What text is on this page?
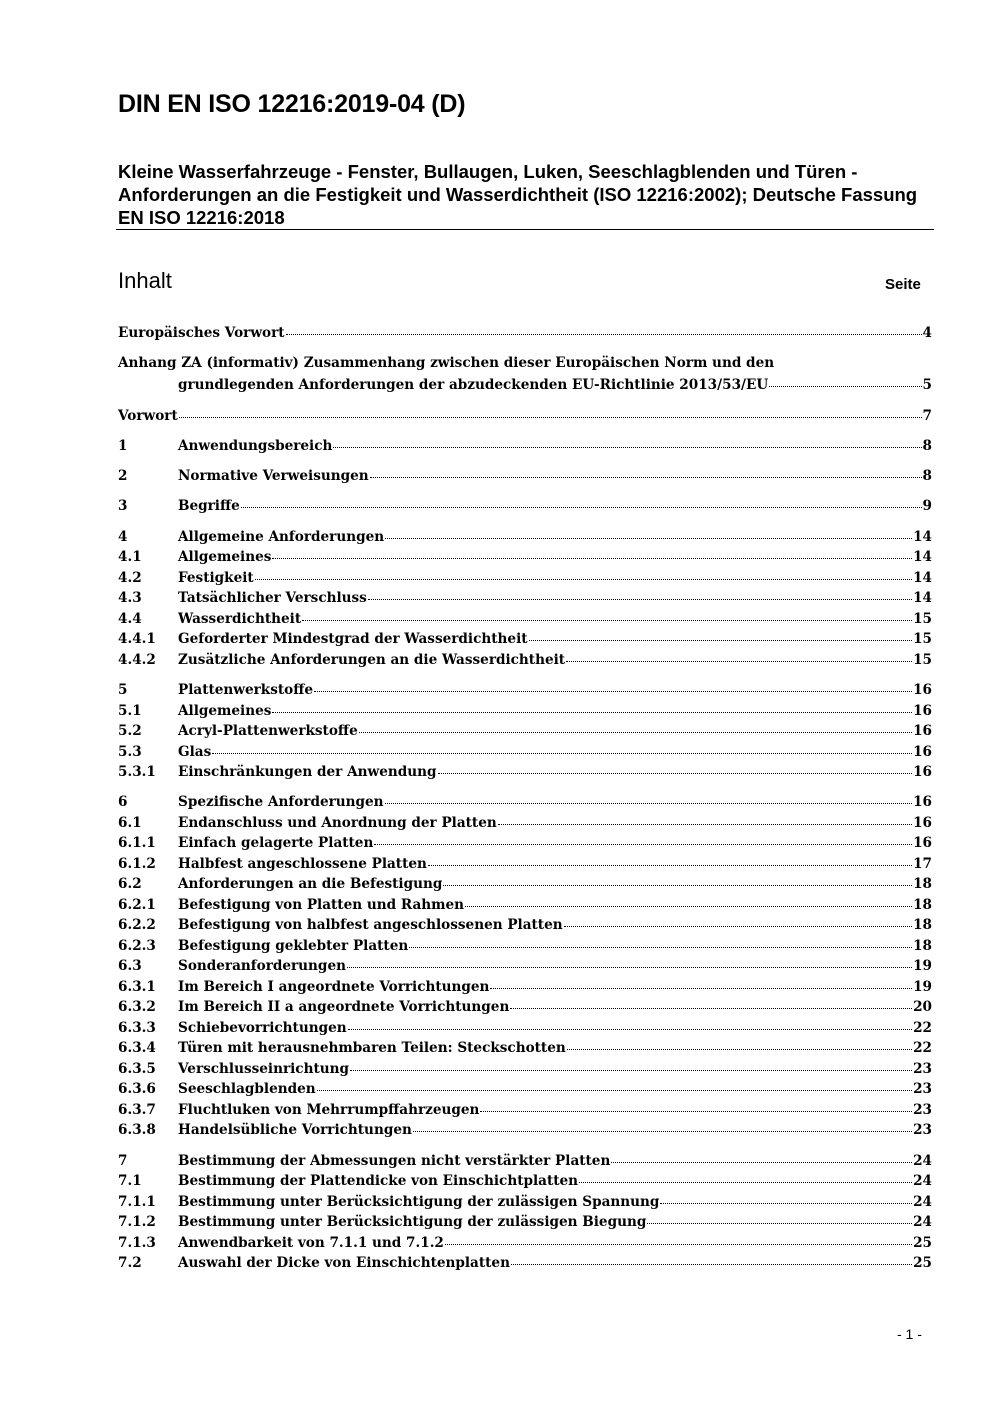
DIN EN ISO 12216:2019-04 (D)
Kleine Wasserfahrzeuge - Fenster, Bullaugen, Luken, Seeschlagblenden und Türen - Anforderungen an die Festigkeit und Wasserdichtheit (ISO 12216:2002); Deutsche Fassung EN ISO 12216:2018
Inhalt	Seite
Europäisches Vorwort	4
Anhang ZA (informativ) Zusammenhang zwischen dieser Europäischen Norm und den
grundlegenden Anforderungen der abzudeckenden EU-Richtlinie 2013/53/EU	5
Vorwort	7
1	Anwendungsbereich	8
2	Normative Verweisungen	8
3	Begriffe	9
4	Allgemeine Anforderungen	14
4.1	Allgemeines	14
4.2	Festigkeit	14
4.3	Tatsächlicher Verschluss	14
4.4	Wasserdichtheit	15
4.4.1	Geforderter Mindestgrad der Wasserdichtheit	15
4.4.2	Zusätzliche Anforderungen an die Wasserdichtheit	15
5	Plattenwerkstoffe	16
5.1	Allgemeines	16
5.2	Acryl-Plattenwerkstoffe	16
5.3	Glas	16
5.3.1	Einschränkungen der Anwendung	16
6	Spezifische Anforderungen	16
6.1	Endanschluss und Anordnung der Platten	16
6.1.1	Einfach gelagerte Platten	16
6.1.2	Halbfest angeschlossene Platten	17
6.2	Anforderungen an die Befestigung	18
6.2.1	Befestigung von Platten und Rahmen	18
6.2.2	Befestigung von halbfest angeschlossenen Platten	18
6.2.3	Befestigung geklebter Platten	18
6.3	Sonderanforderungen	19
6.3.1	Im Bereich I angeordnete Vorrichtungen	19
6.3.2	Im Bereich II a angeordnete Vorrichtungen	20
6.3.3	Schiebevorrichtungen	22
6.3.4	Türen mit herausnehmbaren Teilen: Steckschotten	22
6.3.5	Verschlusseinrichtung	23
6.3.6	Seeschlagblenden	23
6.3.7	Fluchtluken von Mehrrumpffahrzeugen	23
6.3.8	Handelsübliche Vorrichtungen	23
7	Bestimmung der Abmessungen nicht verstärkter Platten	24
7.1	Bestimmung der Plattendicke von Einschichtplatten	24
7.1.1	Bestimmung unter Berücksichtigung der zulässigen Spannung	24
7.1.2	Bestimmung unter Berücksichtigung der zulässigen Biegung	24
7.1.3	Anwendbarkeit von 7.1.1 und 7.1.2	25
7.2	Auswahl der Dicke von Einschichtenplatten	25
- 1 -
